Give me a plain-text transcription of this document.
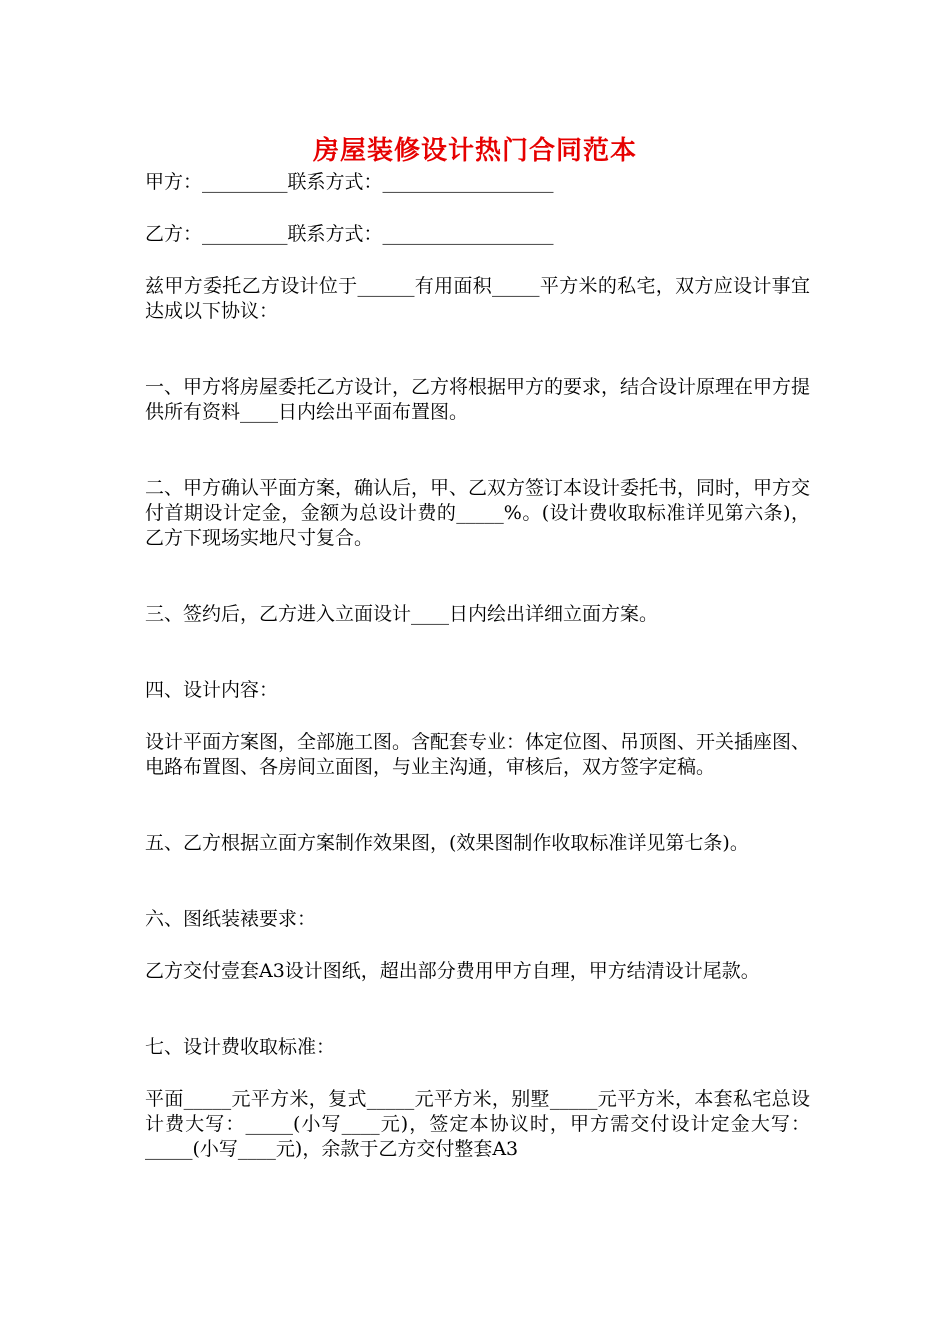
房屋装修设计热门合同范本
甲方：_________联系方式：__________________
乙方：_________联系方式：__________________
兹甲方委托乙方设计位于______有用面积_____平方米的私宅，双方应设计事宜达成以下协议：
一、甲方将房屋委托乙方设计，乙方将根据甲方的要求，结合设计原理在甲方提供所有资料____日内绘出平面布置图。
二、甲方确认平面方案，确认后，甲、乙双方签订本设计委托书，同时，甲方交付首期设计定金，金额为总设计费的_____%。(设计费收取标准详见第六条)，乙方下现场实地尺寸复合。
三、签约后，乙方进入立面设计____日内绘出详细立面方案。
四、设计内容：
设计平面方案图，全部施工图。含配套专业：体定位图、吊顶图、开关插座图、电路布置图、各房间立面图，与业主沟通，审核后，双方签字定稿。
五、乙方根据立面方案制作效果图，(效果图制作收取标准详见第七条)。
六、图纸装裱要求：
乙方交付壹套A3设计图纸，超出部分费用甲方自理，甲方结清设计尾款。
七、设计费收取标准：
平面_____元平方米，复式_____元平方米，别墅_____元平方米，本套私宅总设计费大写：_____(小写____元)，签定本协议时，甲方需交付设计定金大写：_____(小写____元)，余款于乙方交付整套A3
